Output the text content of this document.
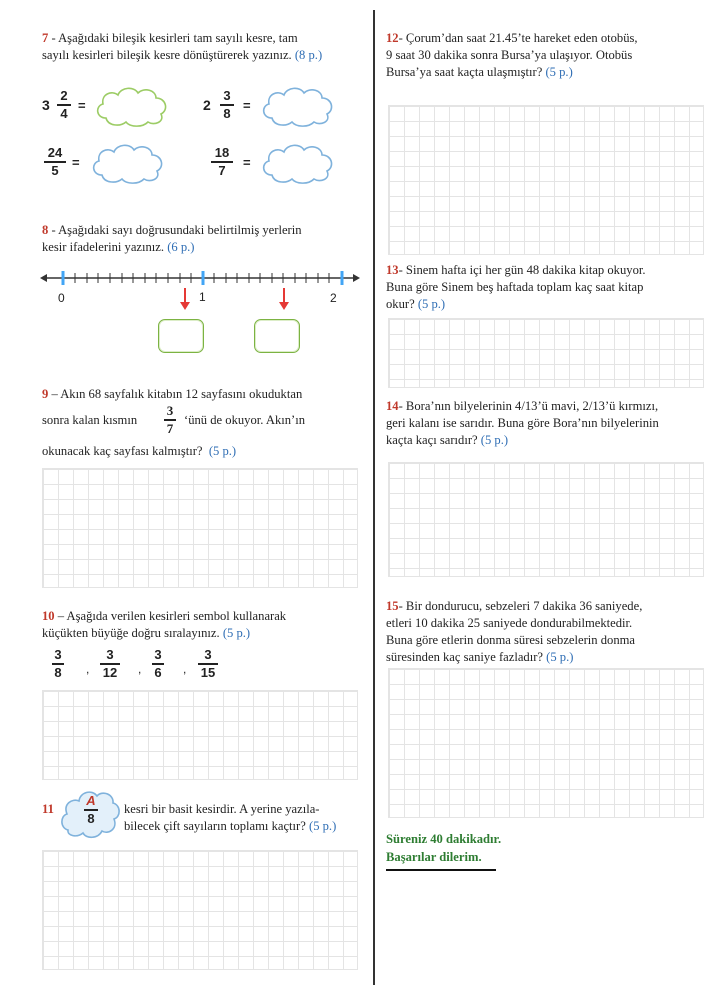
7 - Aşağıdaki bileşik kesirleri tam sayılı kesre, tam
sayılı kesirleri bileşik kesre dönüştürerek yazınız. (8 p.)
3
2
4 =	2
3
8 =
24
5 =
18
7 =
8 - Aşağıdaki sayı doğrusundaki belirtilmiş yerlerin
kesir ifadelerini yazınız. (6 p.)
0	1	2
9 – Akın 68 sayfalık kitabın 12 sayfasını okuduktan
sonra kalan kısmın
3
7
‘ünü de okuyor. Akın’ın
okunacak kaç sayfası kalmıştır? (5 p.)
10 – Aşağıda verilen kesirleri sembol kullanarak
küçükten büyüğe doğru sıralayınız. (5 p.)
3
8 ,
3
12 ,
3
6 ,
3
15
11
A
8
kesri bir basit kesirdir. A yerine yazıla-
bilecek çift sayıların toplamı kaçtır? (5 p.)
12- Çorum’dan saat 21.45’te hareket eden otobüs,
9 saat 30 dakika sonra Bursa’ya ulaşıyor. Otobüs
Bursa’ya saat kaçta ulaşmıştır? (5 p.)
13- Sinem hafta içi her gün 48 dakika kitap okuyor.
Buna göre Sinem beş haftada toplam kaç saat kitap
okur? (5 p.)
14- Bora’nın bilyelerinin 4/13’ü mavi, 2/13’ü kırmızı,
geri kalanı ise sarıdır. Buna göre Bora’nın bilyelerinin
kaçta kaçı sarıdır? (5 p.)
15- Bir dondurucu, sebzeleri 7 dakika 36 saniyede,
etleri 10 dakika 25 saniyede dondurabilmektedir.
Buna göre etlerin donma süresi sebzelerin donma
süresinden kaç saniye fazladır? (5 p.)
Süreniz 40 dakikadır.
Başarılar dilerim.
